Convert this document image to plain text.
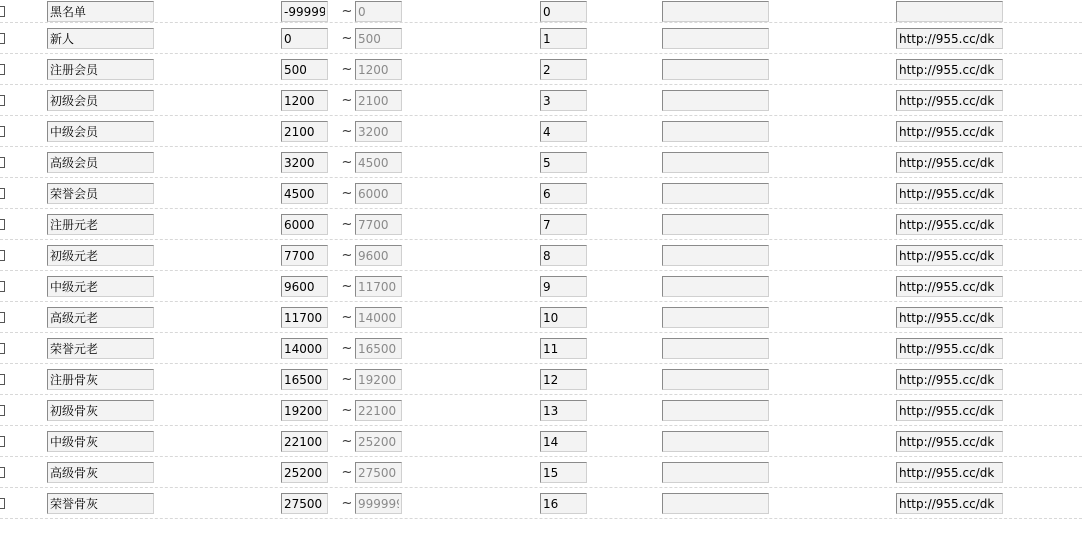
黑名单
-999999
~
0
0
新人
0
~
500
1
http://955.cc/dk
注册会员
500
~
1200
2
http://955.cc/dk
初级会员
1200
~
2100
3
http://955.cc/dk
中级会员
2100
~
3200
4
http://955.cc/dk
高级会员
3200
~
4500
5
http://955.cc/dk
荣誉会员
4500
~
6000
6
http://955.cc/dk
注册元老
6000
~
7700
7
http://955.cc/dk
初级元老
7700
~
9600
8
http://955.cc/dk
中级元老
9600
~
11700
9
http://955.cc/dk
高级元老
11700
~
14000
10
http://955.cc/dk
荣誉元老
14000
~
16500
11
http://955.cc/dk
注册骨灰
16500
~
19200
12
http://955.cc/dk
初级骨灰
19200
~
22100
13
http://955.cc/dk
中级骨灰
22100
~
25200
14
http://955.cc/dk
高级骨灰
25200
~
27500
15
http://955.cc/dk
荣誉骨灰
27500
~
999999
16
http://955.cc/dk
